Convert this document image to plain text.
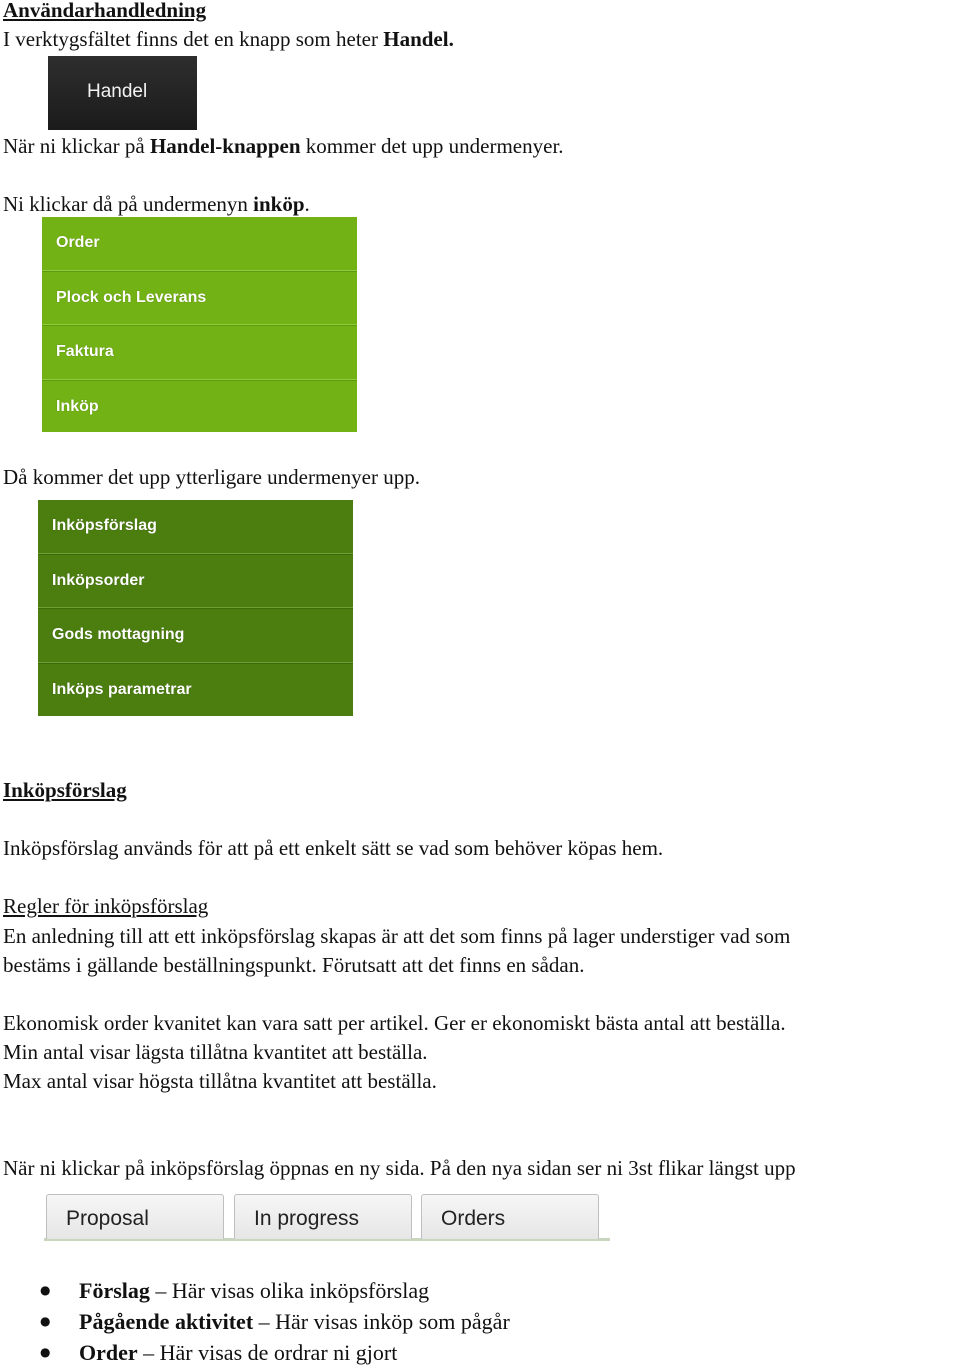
Användarhandledning
I verktygsfältet finns det en knapp som heter Handel.
Handel
När ni klickar på Handel-knappen kommer det upp undermenyer.
Ni klickar då på undermenyn inköp.
Order
Plock och Leverans
Faktura
Inköp
Då kommer det upp ytterligare undermenyer upp.
Inköpsförslag
Inköpsorder
Gods mottagning
Inköps parametrar
Inköpsförslag
Inköpsförslag används för att på ett enkelt sätt se vad som behöver köpas hem.
Regler för inköpsförslag
En anledning till att ett inköpsförslag skapas är att det som finns på lager understiger vad som
bestäms i gällande beställningspunkt. Förutsatt att det finns en sådan.
Ekonomisk order kvanitet kan vara satt per artikel. Ger er ekonomiskt bästa antal att beställa.
Min antal visar lägsta tillåtna kvantitet att beställa.
Max antal visar högsta tillåtna kvantitet att beställa.
När ni klickar på inköpsförslag öppnas en ny sida. På den nya sidan ser ni 3st flikar längst upp
Proposal	In progress	Orders
● Förslag – Här visas olika inköpsförslag
● Pågående aktivitet – Här visas inköp som pågår
● Order – Här visas de ordrar ni gjort
